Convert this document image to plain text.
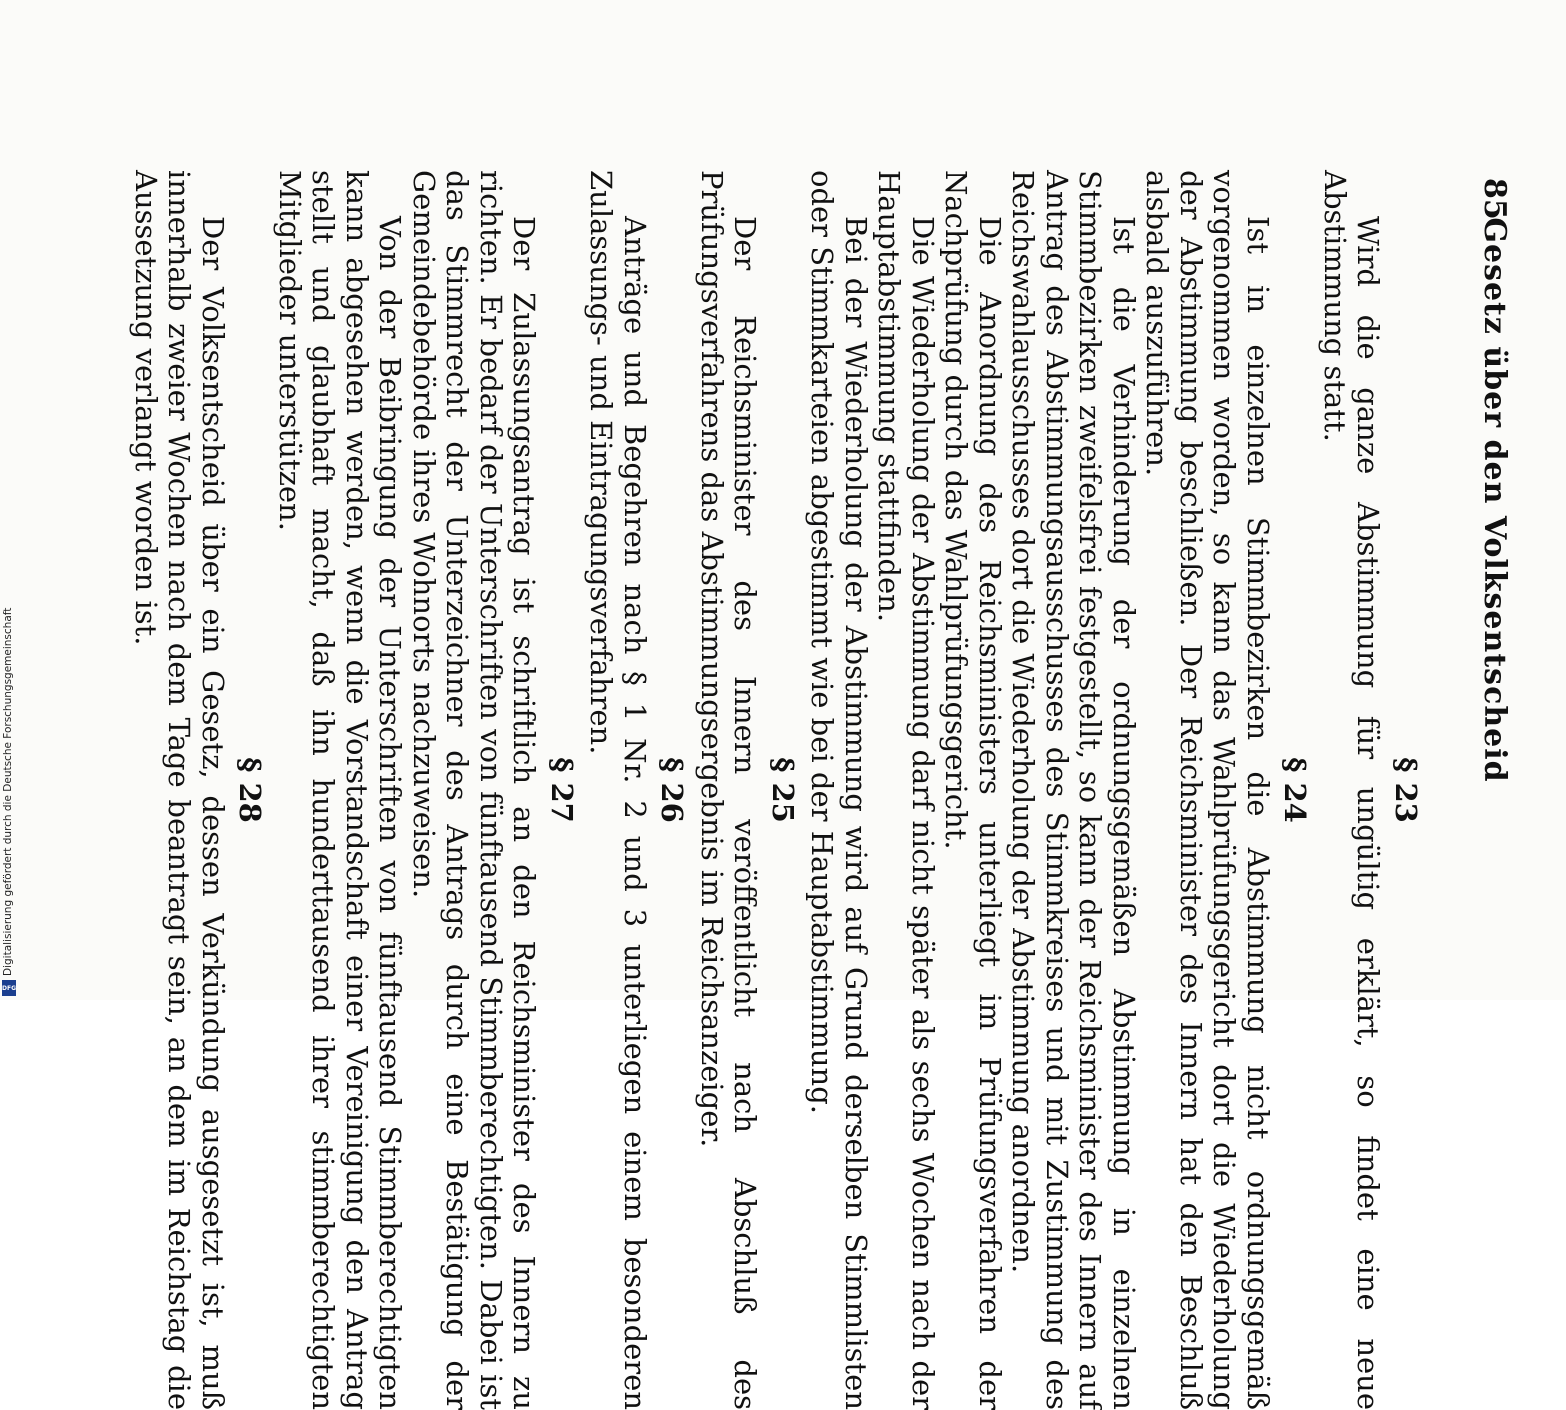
Gesetz über den Volksentscheid
85
§ 23

Wird die ganze Abstimmung für ungültig erklärt, so findet eine neue Abstimmung statt.

§ 24

Ist in einzelnen Stimmbezirken die Abstimmung nicht ordnungsgemäß vorgenommen worden, so kann das Wahlprüfungsgericht dort die Wiederholung der Abstimmung beschließen. Der Reichsminister des Innern hat den Beschluß alsbald auszuführen.

Ist die Verhinderung der ordnungsgemäßen Abstimmung in einzelnen Stimmbezirken zweifelsfrei festgestellt, so kann der Reichsminister des Innern auf Antrag des Abstimmungsausschusses des Stimmkreises und mit Zustimmung des Reichswahlausschusses dort die Wiederholung der Abstimmung anordnen.

Die Anordnung des Reichsministers unterliegt im Prüfungsverfahren der Nachprüfung durch das Wahlprüfungsgericht.

Die Wiederholung der Abstimmung darf nicht später als sechs Wochen nach der Hauptabstimmung stattfinden.

Bei der Wiederholung der Abstimmung wird auf Grund derselben Stimmlisten oder Stimmkarteien abgestimmt wie bei der Hauptabstimmung.

§ 25

Der Reichsminister des Innern veröffentlicht nach Abschluß des Prüfungsverfahrens das Abstimmungsergebnis im Reichsanzeiger.

§ 26

Anträge und Begehren nach § 1 Nr. 2 und 3 unterliegen einem besonderen Zulassungs- und Eintragungsverfahren.

§ 27

Der Zulassungsantrag ist schriftlich an den Reichsminister des Innern zu richten. Er bedarf der Unterschriften von fünftausend Stimmberechtigten. Dabei ist das Stimmrecht der Unterzeichner des Antrags durch eine Bestätigung der Gemeindebehörde ihres Wohnorts nachzuweisen.

Von der Beibringung der Unterschriften von fünftausend Stimmberechtigten kann abgesehen werden, wenn die Vorstandschaft einer Vereinigung den Antrag stellt und glaubhaft macht, daß ihn hunderttausend ihrer stimmberechtigten Mitglieder unterstützen.

§ 28

Der Volksentscheid über ein Gesetz, dessen Verkündung ausgesetzt ist, muß innerhalb zweier Wochen nach dem Tage beantragt sein, an dem im Reichstag die Aussetzung verlangt worden ist.

Digitalisierung gefördert durch die Deutsche Forschungsgemeinschaft
DFG
